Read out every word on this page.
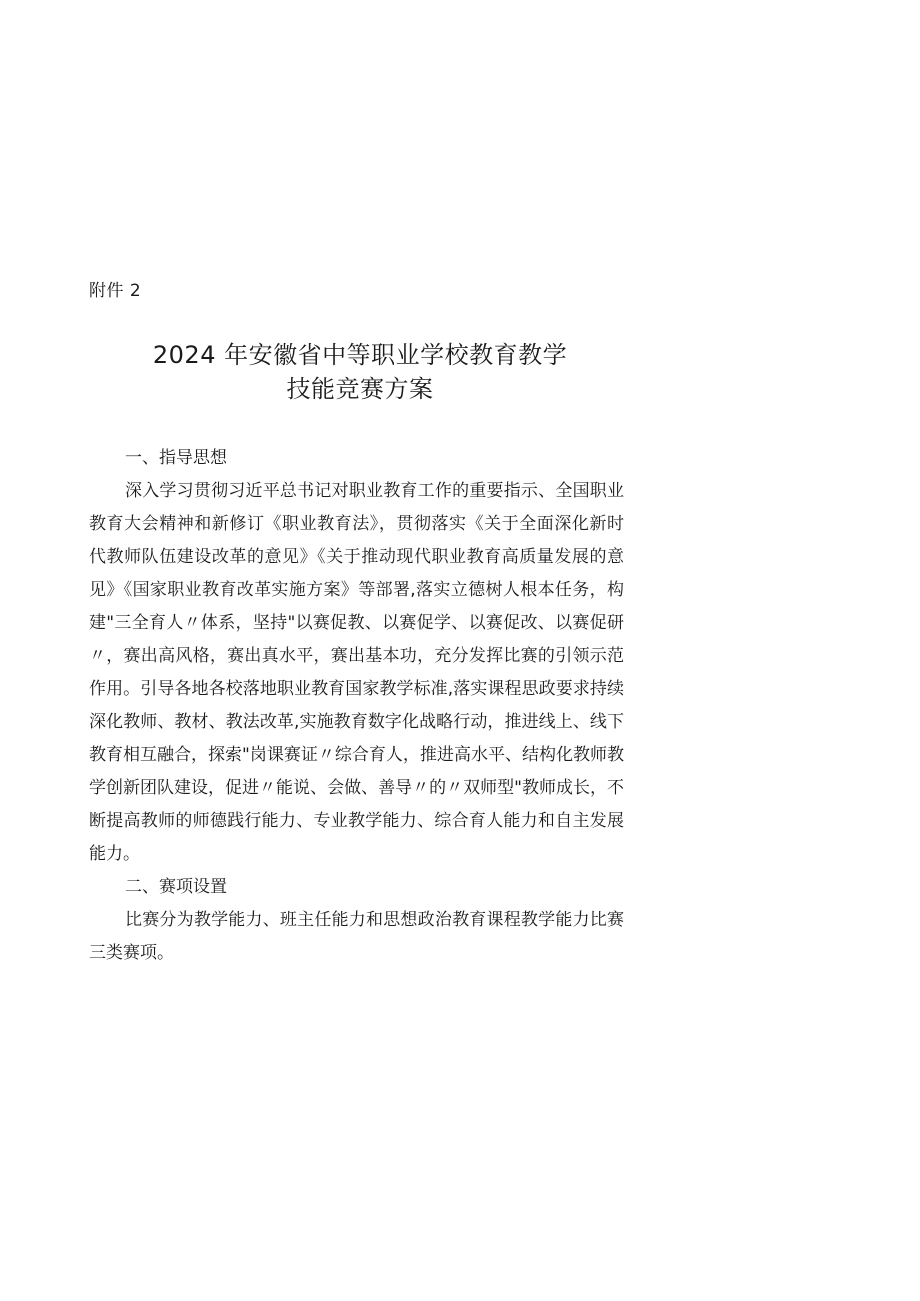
附件 2
2024 年安徽省中等职业学校教育教学
技能竞赛方案

一、指导思想

深入学习贯彻习近平总书记对职业教育工作的重要指示、全国职业教育大会精神和新修订《职业教育法》，贯彻落实《关于全面深化新时代教师队伍建设改革的意见》《关于推动现代职业教育高质量发展的意见》《国家职业教育改革实施方案》等部署,落实立德树人根本任务，构建"三全育人〃体系，坚持"以赛促教、以赛促学、以赛促改、以赛促研〃，赛出高风格，赛出真水平，赛出基本功，充分发挥比赛的引领示范作用。引导各地各校落地职业教育国家教学标准,落实课程思政要求持续深化教师、教材、教法改革,实施教育数字化战略行动，推进线上、线下教育相互融合，探索"岗课赛证〃综合育人，推进高水平、结构化教师教学创新团队建设，促进〃能说、会做、善导〃的〃双师型"教师成长，不断提高教师的师德践行能力、专业教学能力、综合育人能力和自主发展能力。

二、赛项设置

比赛分为教学能力、班主任能力和思想政治教育课程教学能力比赛三类赛项。
